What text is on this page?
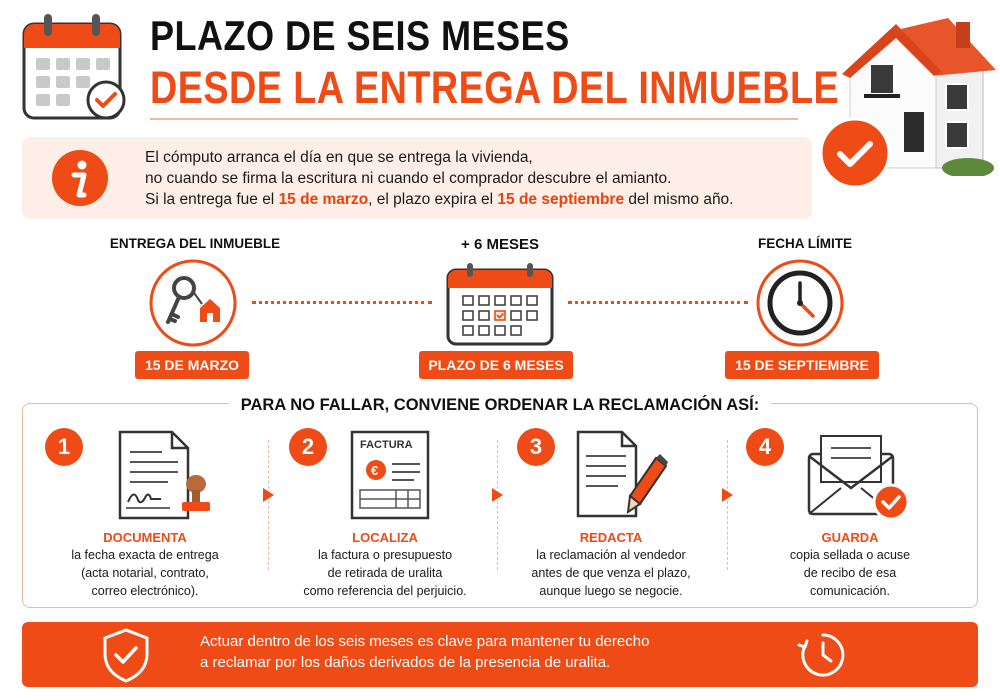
PLAZO DE SEIS MESES
DESDE LA ENTREGA DEL INMUEBLE
El cómputo arranca el día en que se entrega la vivienda,
no cuando se firma la escritura ni cuando el comprador descubre el amianto.
Si la entrega fue el 15 de marzo, el plazo expira el 15 de septiembre del mismo año.
ENTREGA DEL INMUEBLE	+ 6 MESES	FECHA LÍMITE
15 DE MARZO	PLAZO DE 6 MESES	15 DE SEPTIEMBRE
PARA NO FALLAR, CONVIENE ORDENAR LA RECLAMACIÓN ASÍ:
1
DOCUMENTA
la fecha exacta de entrega
(acta notarial, contrato,
correo electrónico).
2	FACTURA
€
LOCALIZA
la factura o presupuesto
de retirada de uralita
como referencia del perjuicio.
3
REDACTA
la reclamación al vendedor
antes de que venza el plazo,
aunque luego se negocie.
4
GUARDA
copia sellada o acuse
de recibo de esa
comunicación.
Actuar dentro de los seis meses es clave para mantener tu derecho
a reclamar por los daños derivados de la presencia de uralita.
